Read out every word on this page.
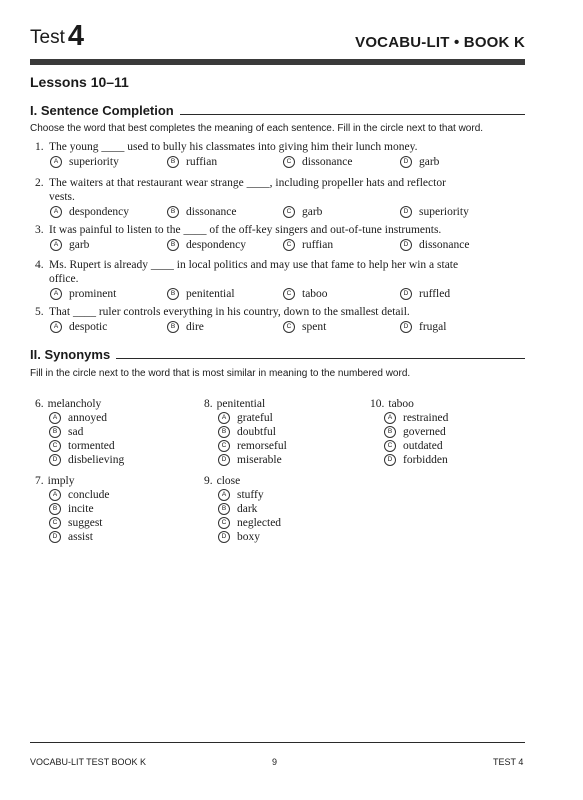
Test 4	VOCABU-LIT • BOOK K
Lessons 10–11
I. Sentence Completion
Choose the word that best completes the meaning of each sentence. Fill in the circle next to that word.
1. The young ____ used to bully his classmates into giving him their lunch money.
A superiority	B ruffian	C dissonance	D garb
2. The waiters at that restaurant wear strange ____, including propeller hats and reflector
vests.
A despondency	B dissonance	C garb	D superiority
3. It was painful to listen to the ____ of the off-key singers and out-of-tune instruments.
A garb	B despondency	C ruffian	D dissonance
4. Ms. Rupert is already ____ in local politics and may use that fame to help her win a state
office.
A prominent	B penitential	C taboo	D ruffled
5. That ____ ruler controls everything in his country, down to the smallest detail.
A despotic	B dire	C spent	D frugal
II. Synonyms
Fill in the circle next to the word that is most similar in meaning to the numbered word.
6. melancholy
A annoyed
B sad
C tormented
D disbelieving
8. penitential
A grateful
B doubtful
C remorseful
D miserable
10. taboo
A restrained
B governed
C outdated
D forbidden
7. imply
A conclude
B incite
C suggest
D assist
9. close
A stuffy
B dark
C neglected
D boxy
VOCABU-LIT TEST BOOK K	9	TEST 4
